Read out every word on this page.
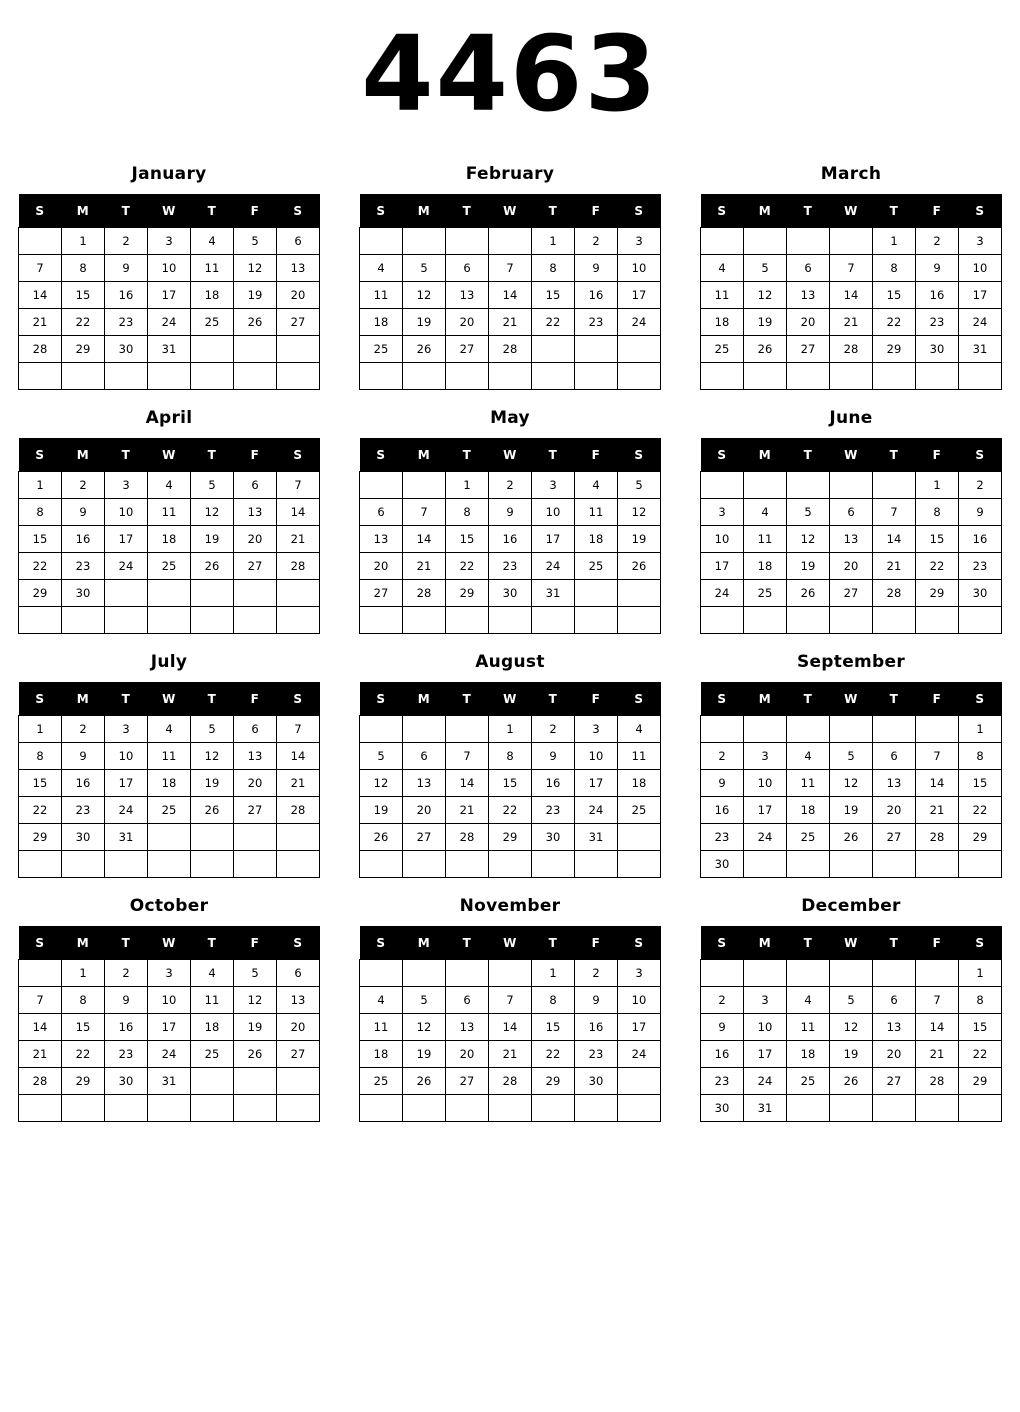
4463
January
S	M	T	W	T	F	S
	1	2	3	4	5	6
7	8	9	10	11	12	13
14	15	16	17	18	19	20
21	22	23	24	25	26	27
28	29	30	31			

February
S	M	T	W	T	F	S
				1	2	3
4	5	6	7	8	9	10
11	12	13	14	15	16	17
18	19	20	21	22	23	24
25	26	27	28			

March
S	M	T	W	T	F	S
				1	2	3
4	5	6	7	8	9	10
11	12	13	14	15	16	17
18	19	20	21	22	23	24
25	26	27	28	29	30	31

April
S	M	T	W	T	F	S
1	2	3	4	5	6	7
8	9	10	11	12	13	14
15	16	17	18	19	20	21
22	23	24	25	26	27	28
29	30					

May
S	M	T	W	T	F	S
		1	2	3	4	5
6	7	8	9	10	11	12
13	14	15	16	17	18	19
20	21	22	23	24	25	26
27	28	29	30	31		

June
S	M	T	W	T	F	S
					1	2
3	4	5	6	7	8	9
10	11	12	13	14	15	16
17	18	19	20	21	22	23
24	25	26	27	28	29	30

July
S	M	T	W	T	F	S
1	2	3	4	5	6	7
8	9	10	11	12	13	14
15	16	17	18	19	20	21
22	23	24	25	26	27	28
29	30	31				

August
S	M	T	W	T	F	S
			1	2	3	4
5	6	7	8	9	10	11
12	13	14	15	16	17	18
19	20	21	22	23	24	25
26	27	28	29	30	31	

September
S	M	T	W	T	F	S
						1
2	3	4	5	6	7	8
9	10	11	12	13	14	15
16	17	18	19	20	21	22
23	24	25	26	27	28	29
30						
October
S	M	T	W	T	F	S
	1	2	3	4	5	6
7	8	9	10	11	12	13
14	15	16	17	18	19	20
21	22	23	24	25	26	27
28	29	30	31			

November
S	M	T	W	T	F	S
				1	2	3
4	5	6	7	8	9	10
11	12	13	14	15	16	17
18	19	20	21	22	23	24
25	26	27	28	29	30	

December
S	M	T	W	T	F	S
						1
2	3	4	5	6	7	8
9	10	11	12	13	14	15
16	17	18	19	20	21	22
23	24	25	26	27	28	29
30	31					
